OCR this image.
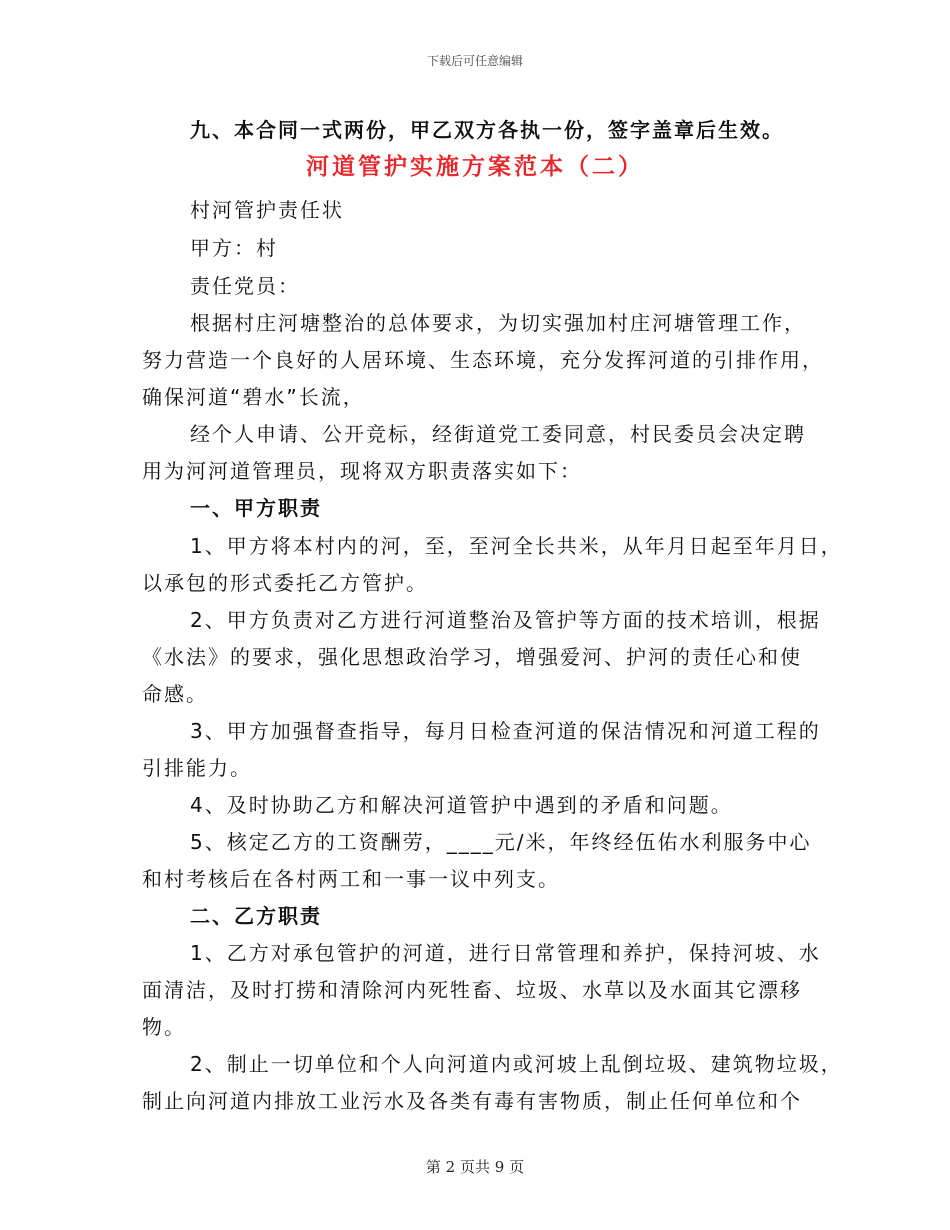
下载后可任意编辑
九、本合同一式两份，甲乙双方各执一份，签字盖章后生效。
河道管护实施方案范本（二）
村河管护责任状
甲方：村
责任党员：
根据村庄河塘整治的总体要求，为切实强加村庄河塘管理工作，
努力营造一个良好的人居环境、生态环境，充分发挥河道的引排作用，
确保河道“碧水”长流，
经个人申请、公开竞标，经街道党工委同意，村民委员会决定聘
用为河河道管理员，现将双方职责落实如下：
一、甲方职责
1、甲方将本村内的河，至，至河全长共米，从年月日起至年月日，
以承包的形式委托乙方管护。
2、甲方负责对乙方进行河道整治及管护等方面的技术培训，根据
《水法》的要求，强化思想政治学习，增强爱河、护河的责任心和使
命感。
3、甲方加强督查指导，每月日检查河道的保洁情况和河道工程的
引排能力。
4、及时协助乙方和解决河道管护中遇到的矛盾和问题。
5、核定乙方的工资酬劳，____元/米，年终经伍佑水利服务中心
和村考核后在各村两工和一事一议中列支。
二、乙方职责
1、乙方对承包管护的河道，进行日常管理和养护，保持河坡、水
面清洁，及时打捞和清除河内死牲畜、垃圾、水草以及水面其它漂移
物。
2、制止一切单位和个人向河道内或河坡上乱倒垃圾、建筑物垃圾，
制止向河道内排放工业污水及各类有毒有害物质，制止任何单位和个
第 2 页共 9 页
